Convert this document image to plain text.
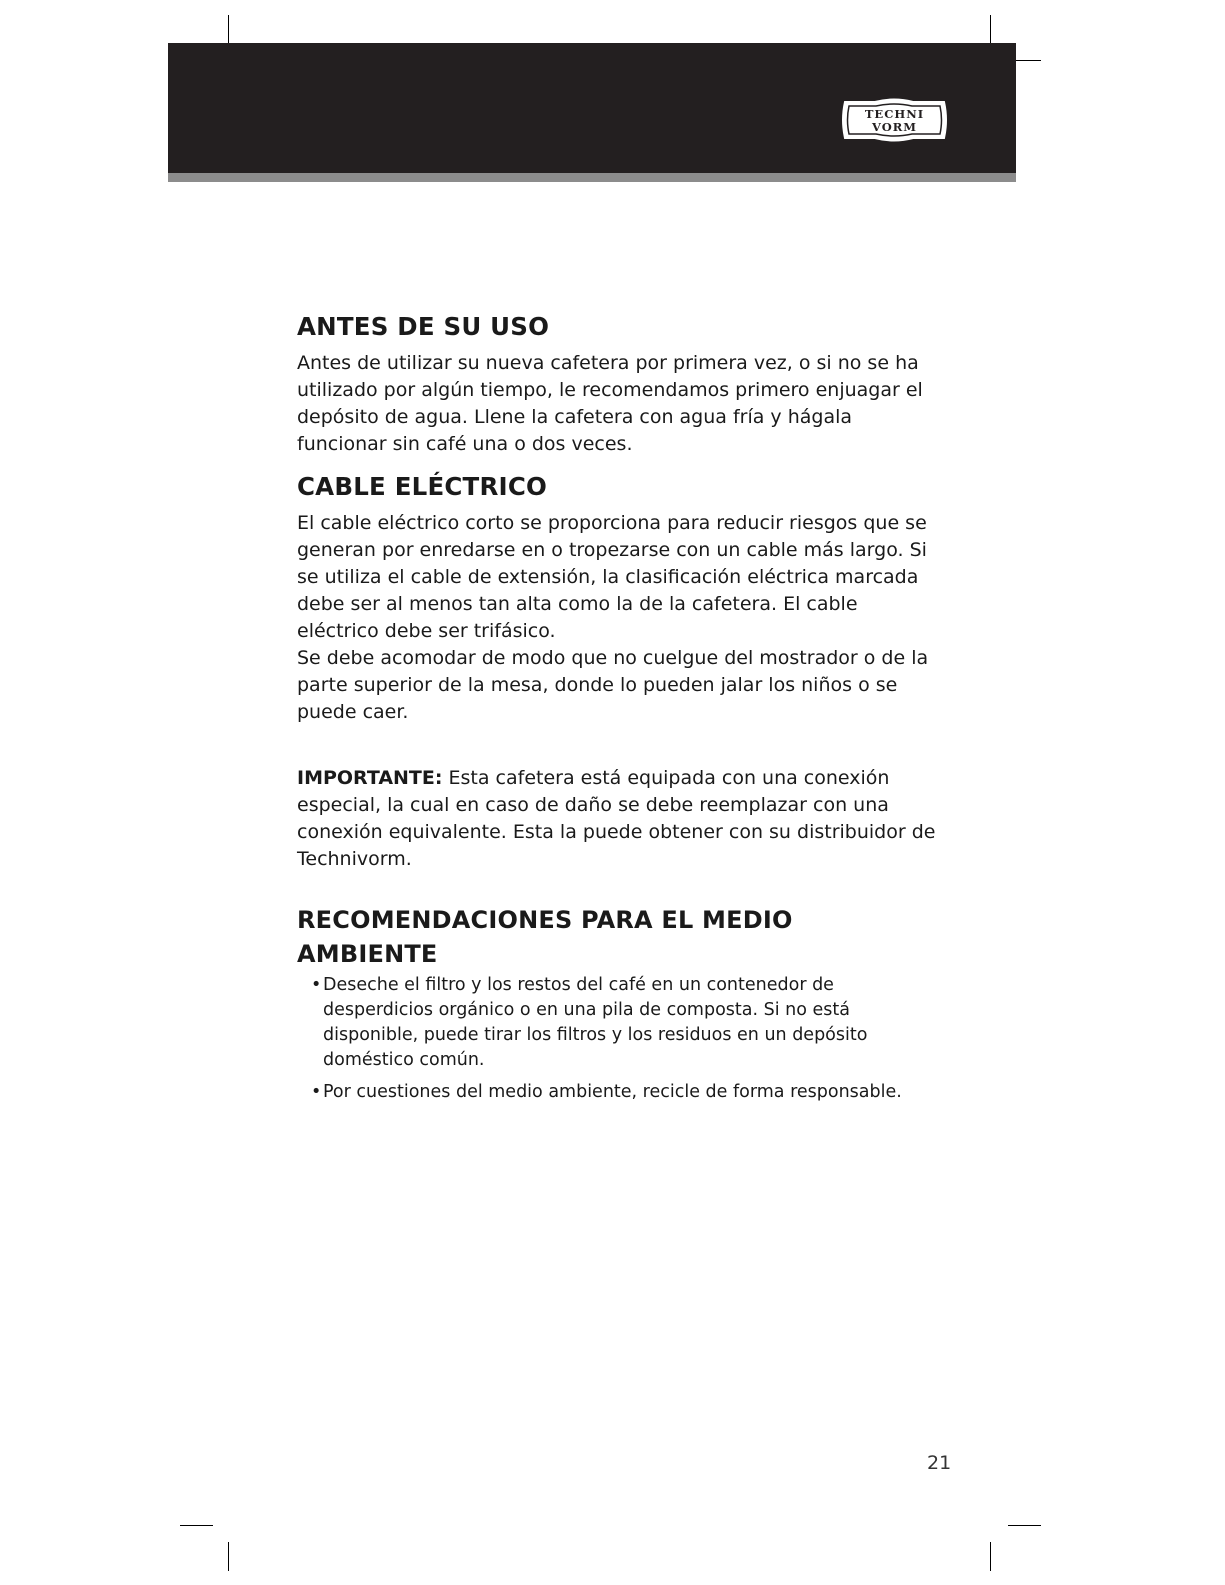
TECHNI
VORM
ANTES DE SU USO

Antes de utilizar su nueva cafetera por primera vez, o si no se ha utilizado por algún tiempo, le recomendamos primero enjuagar el depósito de agua. Llene la cafetera con agua fría y hágala funcionar sin café una o dos veces.

CABLE ELÉCTRICO

El cable eléctrico corto se proporciona para reducir riesgos que se generan por enredarse en o tropezarse con un cable más largo. Si se utiliza el cable de extensión, la clasificación eléctrica marcada debe ser al menos tan alta como la de la cafetera. El cable eléctrico debe ser trifásico.

Se debe acomodar de modo que no cuelgue del mostrador o de la parte superior de la mesa, donde lo pueden jalar los niños o se puede caer.

IMPORTANTE: Esta cafetera está equipada con una conexión especial, la cual en caso de daño se debe reemplazar con una conexión equivalente. Esta la puede obtener con su distribuidor de Technivorm.

RECOMENDACIONES PARA EL MEDIO AMBIENTE
• Deseche el filtro y los restos del café en un contenedor de desperdicios orgánico o en una pila de composta. Si no está disponible, puede tirar los filtros y los residuos en un depósito doméstico común.
• Por cuestiones del medio ambiente, recicle de forma responsable.
21
